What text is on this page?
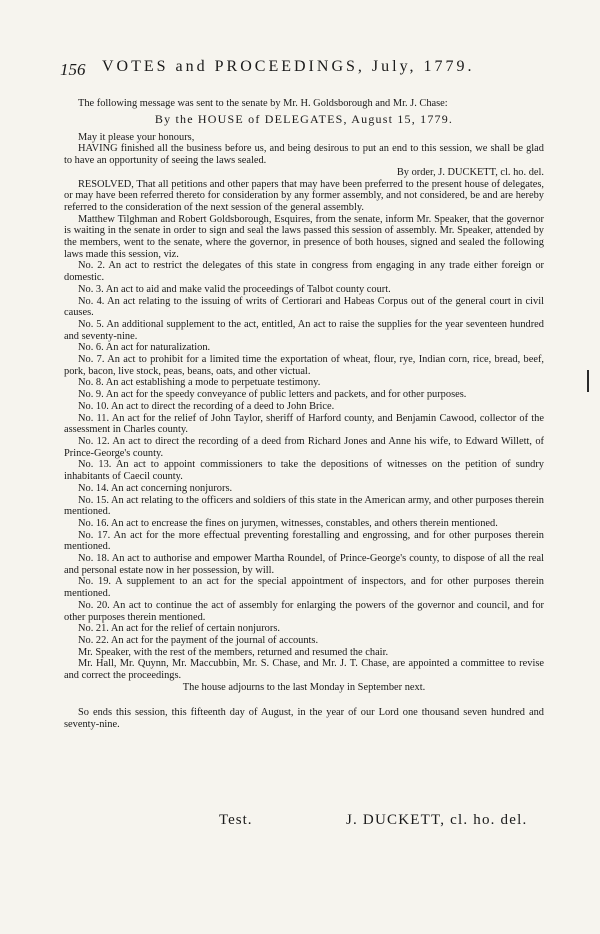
156 VOTES and PROCEEDINGS, July, 1779.

The following message was sent to the senate by Mr. H. Goldsborough and Mr. J. Chase:

By the HOUSE of DELEGATES, August 15, 1779.

May it please your honours,

HAVING finished all the business before us, and being desirous to put an end to this session, we shall be glad to have an opportunity of seeing the laws sealed.

By order, J. DUCKETT, cl. ho. del.

RESOLVED, That all petitions and other papers that may have been preferred to the present house of delegates, or may have been referred thereto for consideration by any former assembly, and not considered, be and are hereby referred to the consideration of the next session of the general assembly.

Matthew Tilghman and Robert Goldsborough, Esquires, from the senate, inform Mr. Speaker, that the governor is waiting in the senate in order to sign and seal the laws passed this session of assembly. Mr. Speaker, attended by the members, went to the senate, where the governor, in presence of both houses, signed and sealed the following laws made this session, viz.

No. 2. An act to restrict the delegates of this state in congress from engaging in any trade either foreign or domestic.

No. 3. An act to aid and make valid the proceedings of Talbot county court.

No. 4. An act relating to the issuing of writs of Certiorari and Habeas Corpus out of the general court in civil causes.

No. 5. An additional supplement to the act, entitled, An act to raise the supplies for the year seventeen hundred and seventy-nine.

No. 6. An act for naturalization.

No. 7. An act to prohibit for a limited time the exportation of wheat, flour, rye, Indian corn, rice, bread, beef, pork, bacon, live stock, peas, beans, oats, and other victual.

No. 8. An act establishing a mode to perpetuate testimony.

No. 9. An act for the speedy conveyance of public letters and packets, and for other purposes.

No. 10. An act to direct the recording of a deed to John Brice.

No. 11. An act for the relief of John Taylor, sheriff of Harford county, and Benjamin Cawood, collector of the assessment in Charles county.

No. 12. An act to direct the recording of a deed from Richard Jones and Anne his wife, to Edward Willett, of Prince-George's county.

No. 13. An act to appoint commissioners to take the depositions of witnesses on the petition of sundry inhabitants of Caecil county.

No. 14. An act concerning nonjurors.

No. 15. An act relating to the officers and soldiers of this state in the American army, and other purposes therein mentioned.

No. 16. An act to encrease the fines on jurymen, witnesses, constables, and others therein mentioned.

No. 17. An act for the more effectual preventing forestalling and engrossing, and for other purposes therein mentioned.

No. 18. An act to authorise and empower Martha Roundel, of Prince-George's county, to dispose of all the real and personal estate now in her possession, by will.

No. 19. A supplement to an act for the special appointment of inspectors, and for other purposes therein mentioned.

No. 20. An act to continue the act of assembly for enlarging the powers of the governor and council, and for other purposes therein mentioned.

No. 21. An act for the relief of certain nonjurors.

No. 22. An act for the payment of the journal of accounts.

Mr. Speaker, with the rest of the members, returned and resumed the chair.

Mr. Hall, Mr. Quynn, Mr. Maccubbin, Mr. S. Chase, and Mr. J. T. Chase, are appointed a committee to revise and correct the proceedings.

The house adjourns to the last Monday in September next.

So ends this session, this fifteenth day of August, in the year of our Lord one thousand seven hundred and seventy-nine.

Test.	J. DUCKETT, cl. ho. del.
